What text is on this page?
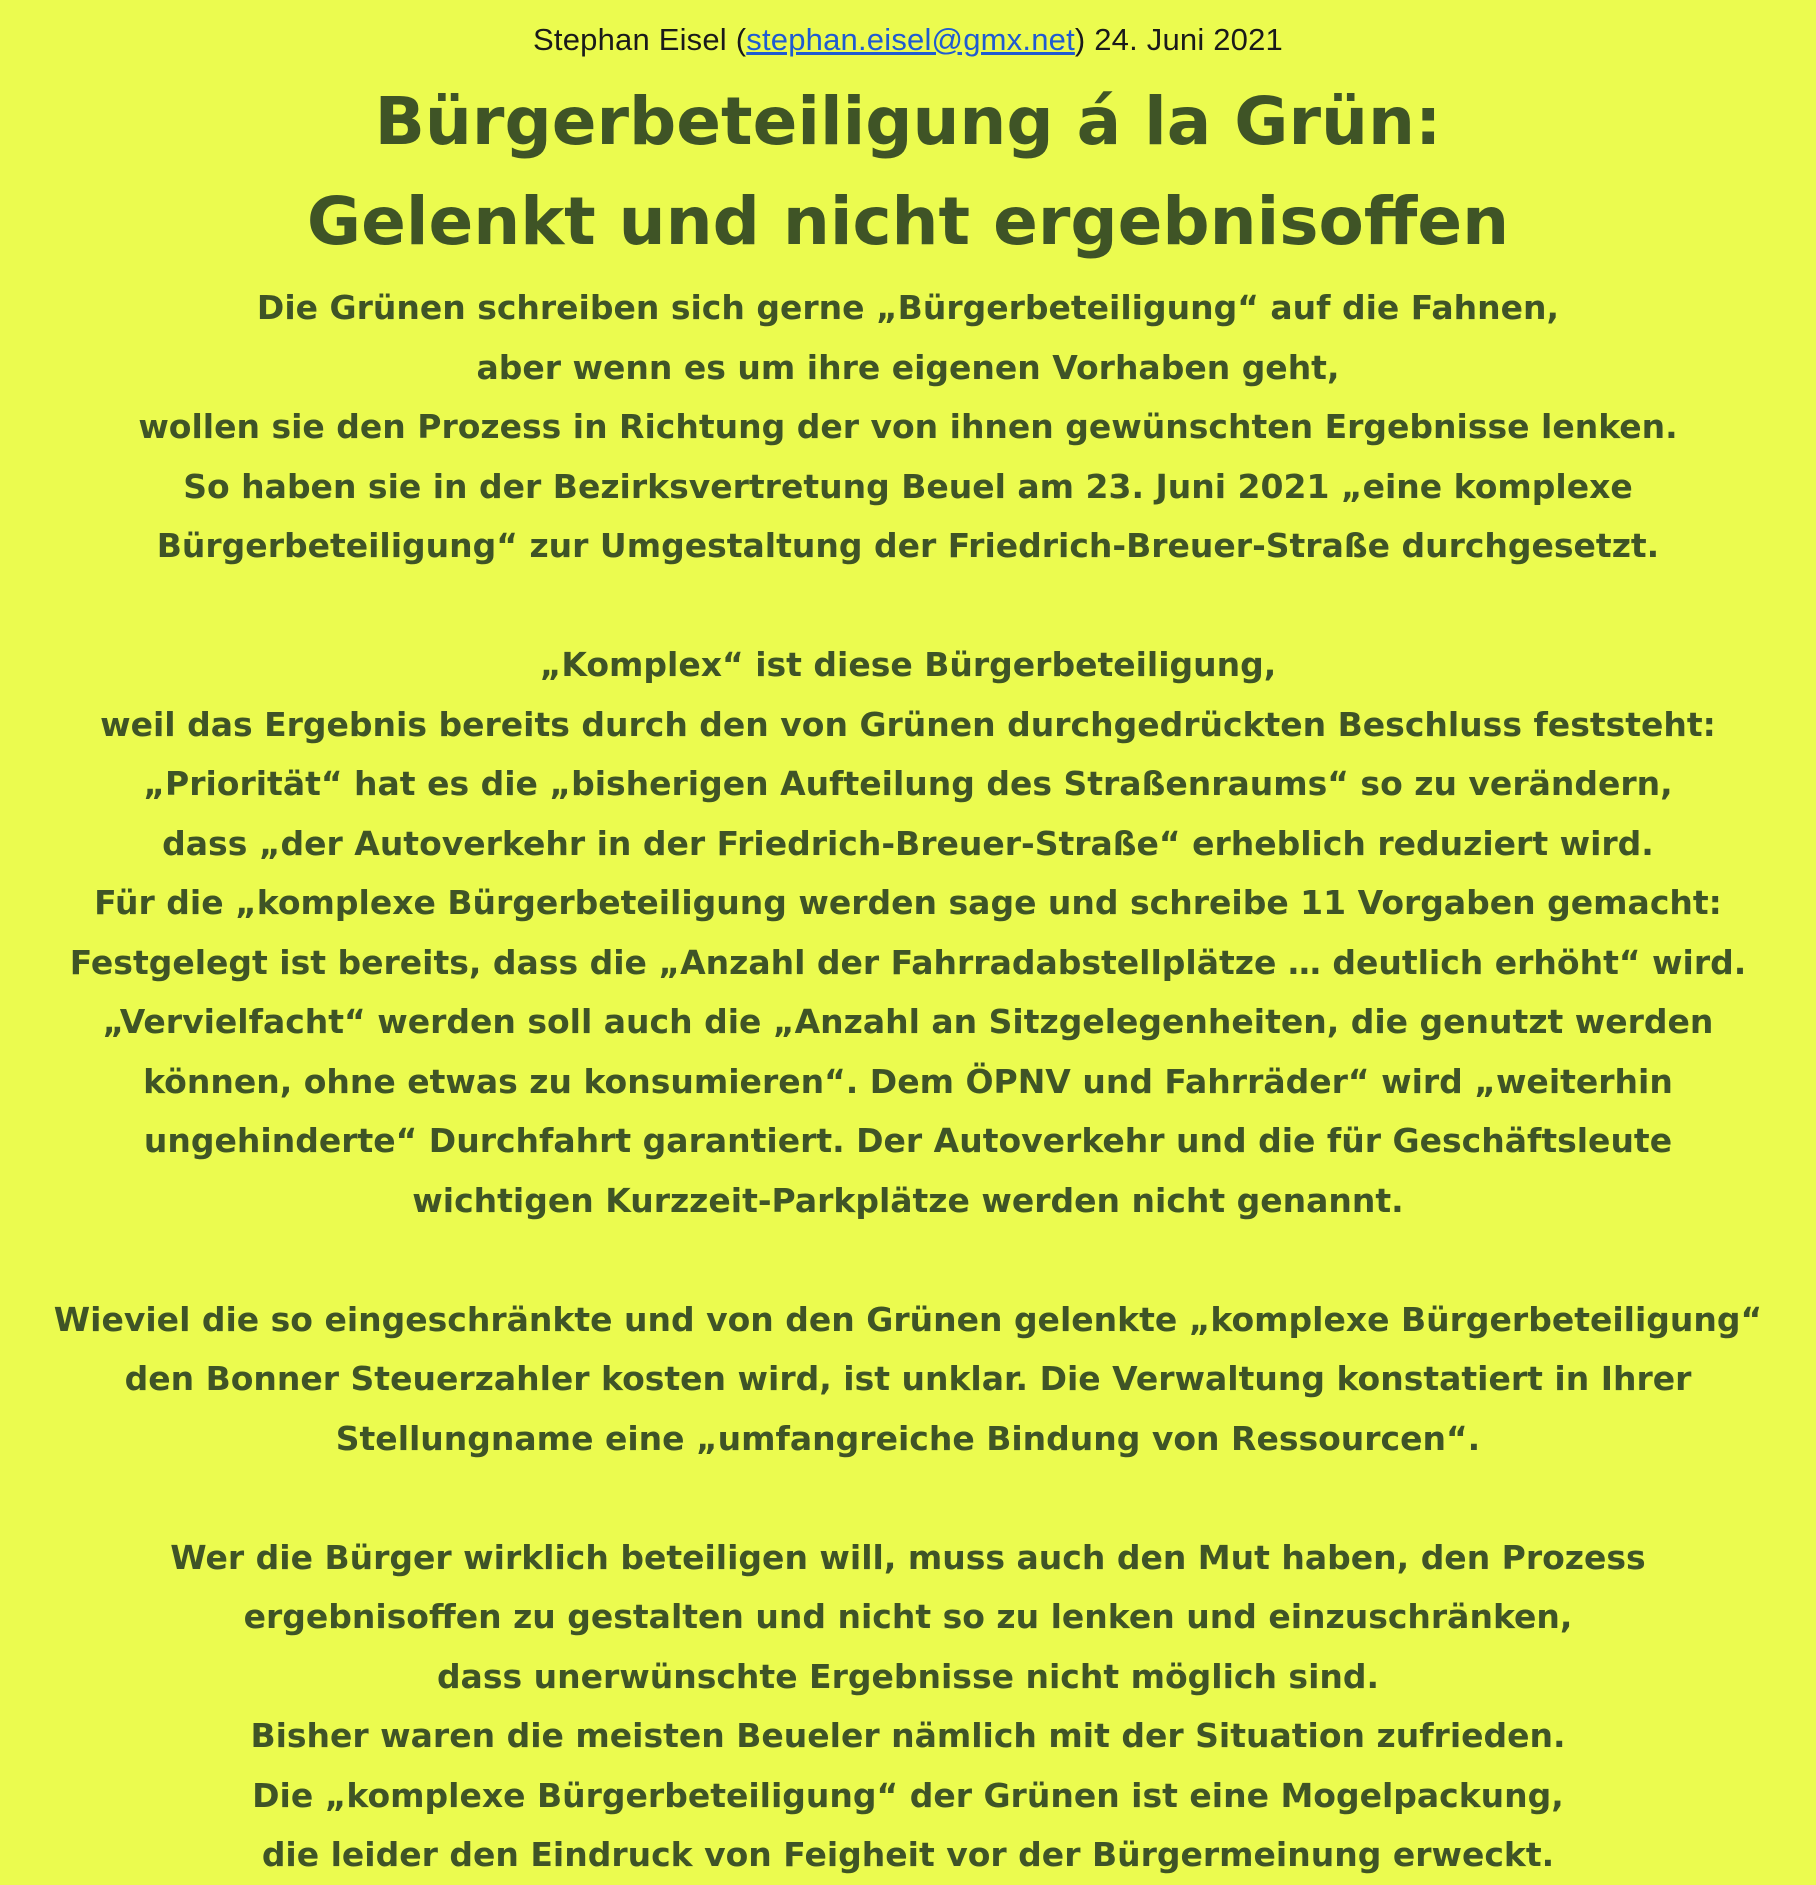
Stephan Eisel (stephan.eisel@gmx.net) 24. Juni 2021
Bürgerbeteiligung á la Grün:
Gelenkt und nicht ergebnisoffen

Die Grünen schreiben sich gerne „Bürgerbeteiligung“ auf die Fahnen,
aber wenn es um ihre eigenen Vorhaben geht,
wollen sie den Prozess in Richtung der von ihnen gewünschten Ergebnisse lenken.
So haben sie in der Bezirksvertretung Beuel am 23. Juni 2021 „eine komplexe
Bürgerbeteiligung“ zur Umgestaltung der Friedrich-Breuer-Straße durchgesetzt.

„Komplex“ ist diese Bürgerbeteiligung,
weil das Ergebnis bereits durch den von Grünen durchgedrückten Beschluss feststeht:
„Priorität“ hat es die „bisherigen Aufteilung des Straßenraums“ so zu verändern,
dass „der Autoverkehr in der Friedrich-Breuer-Straße“ erheblich reduziert wird.
Für die „komplexe Bürgerbeteiligung werden sage und schreibe 11 Vorgaben gemacht:
Festgelegt ist bereits, dass die „Anzahl der Fahrradabstellplätze … deutlich erhöht“ wird.
„Vervielfacht“ werden soll auch die „Anzahl an Sitzgelegenheiten, die genutzt werden
können, ohne etwas zu konsumieren“. Dem ÖPNV und Fahrräder“ wird „weiterhin
ungehinderte“ Durchfahrt garantiert. Der Autoverkehr und die für Geschäftsleute
wichtigen Kurzzeit-Parkplätze werden nicht genannt.

Wieviel die so eingeschränkte und von den Grünen gelenkte „komplexe Bürgerbeteiligung“
den Bonner Steuerzahler kosten wird, ist unklar. Die Verwaltung konstatiert in Ihrer
Stellungname eine „umfangreiche Bindung von Ressourcen“.

Wer die Bürger wirklich beteiligen will, muss auch den Mut haben, den Prozess
ergebnisoffen zu gestalten und nicht so zu lenken und einzuschränken,
dass unerwünschte Ergebnisse nicht möglich sind.
Bisher waren die meisten Beueler nämlich mit der Situation zufrieden.
Die „komplexe Bürgerbeteiligung“ der Grünen ist eine Mogelpackung,
die leider den Eindruck von Feigheit vor der Bürgermeinung erweckt.
